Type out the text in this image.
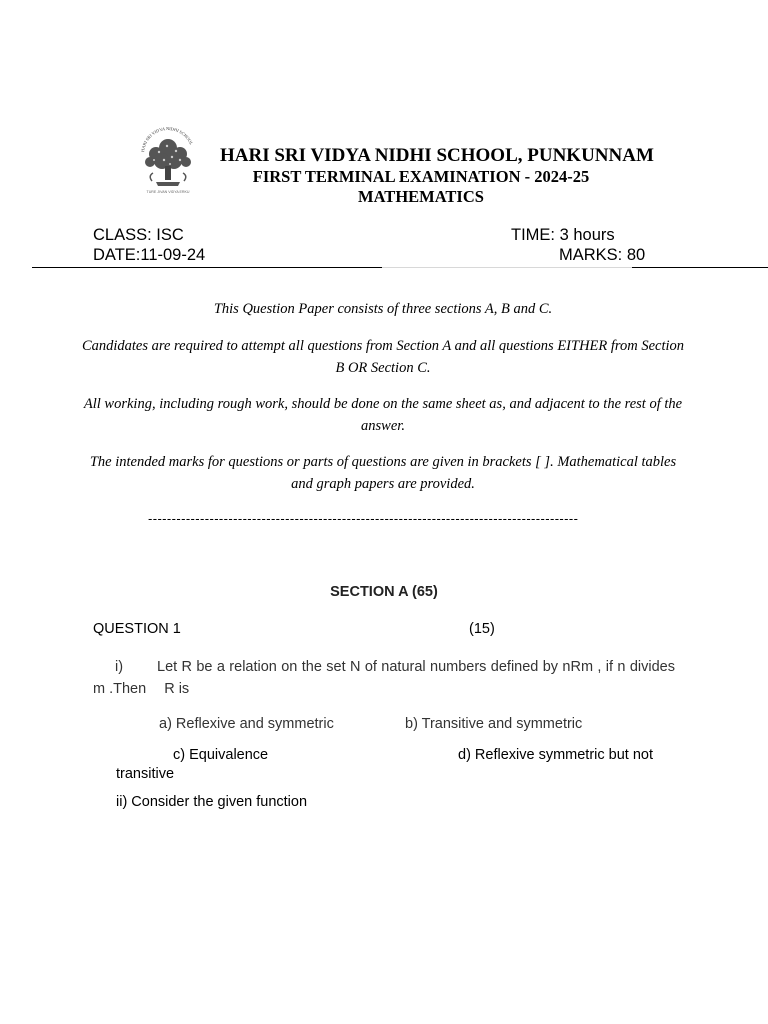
HARI SRI VIDYA NIDHI SCHOOL
TURE JIVAN VIDYA ERKU
HARI SRI VIDYA NIDHI SCHOOL, PUNKUNNAM
FIRST TERMINAL EXAMINATION - 2024-25
MATHEMATICS
CLASS: ISC
DATE:11-09-24
TIME: 3 hours
MARKS: 80
This Question Paper consists of three sections A, B and C.
Candidates are required to attempt all questions from Section A and all questions EITHER from Section B OR Section C.
All working, including rough work, should be done on the same sheet as, and adjacent to the rest of the answer.
The intended marks for questions or parts of questions are given in brackets [ ]. Mathematical tables and graph papers are provided.
-------------------------------------------------------------------------------------------
SECTION A (65)
QUESTION 1	(15)
i) Let R be a relation on the set N of natural numbers defined by nRm , if n divides m .Then R is
a) Reflexive and symmetric	b) Transitive and symmetric
c) Equivalence	d) Reflexive symmetric but not
transitive
ii) Consider the given function
